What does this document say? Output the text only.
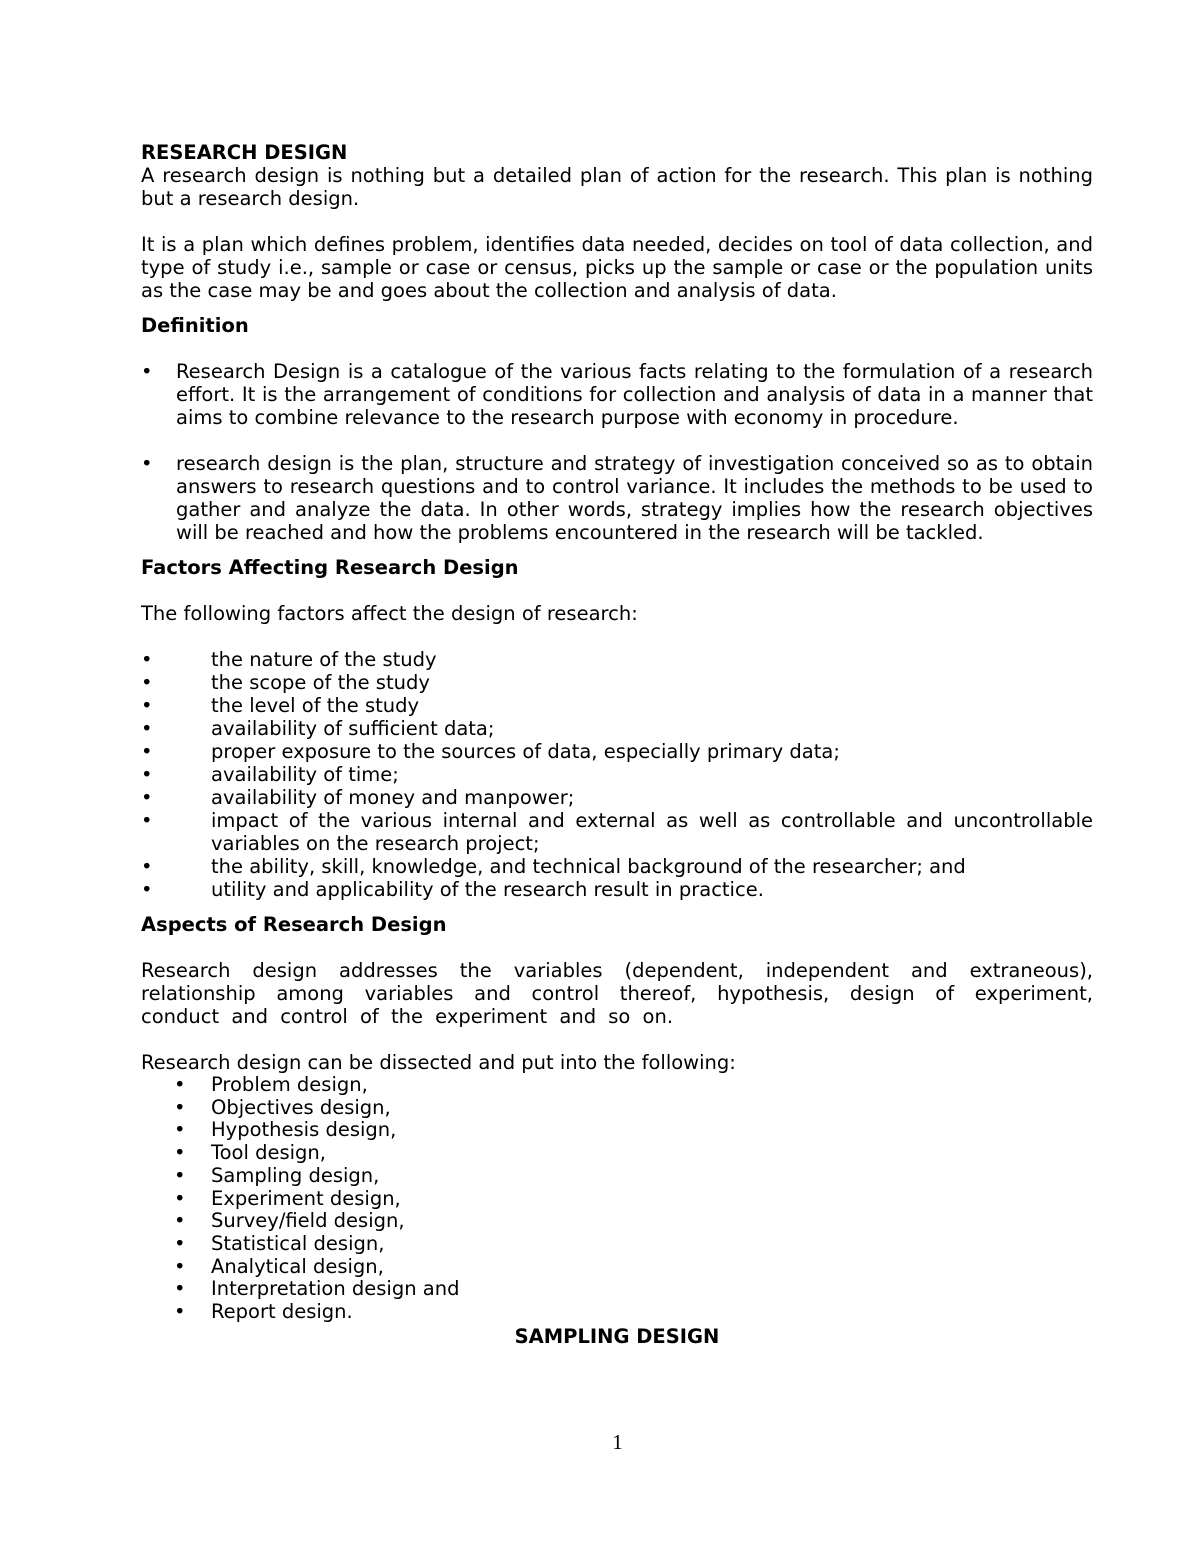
RESEARCH DESIGN

A research design is nothing but a detailed plan of action for the research. This plan is nothing but a research design.

It is a plan which defines problem, identifies data needed, decides on tool of data collection, and type of study i.e., sample or case or census, picks up the sample or case or the population units as the case may be and goes about the collection and analysis of data.

Definition
• Research Design is a catalogue of the various facts relating to the formulation of a research effort. It is the arrangement of conditions for collection and analysis of data in a manner that aims to combine relevance to the research purpose with economy in procedure.
• research design is the plan, structure and strategy of investigation conceived so as to obtain answers to research questions and to control variance. It includes the methods to be used to gather and analyze the data. In other words, strategy implies how the research objectives will be reached and how the problems encountered in the research will be tackled.
Factors Affecting Research Design

The following factors affect the design of research:

•	the nature of the study
•	the scope of the study
•	the level of the study
•	availability of sufficient data;
•	proper exposure to the sources of data, especially primary data;
•	availability of time;
•	availability of money and manpower;
•	impact of the various internal and external as well as controllable and uncontrollable variables on the research project;
•	the ability, skill, knowledge, and technical background of the researcher; and
•	utility and applicability of the research result in practice.
Aspects of Research Design

Research design addresses the variables (dependent, independent and extraneous), relationship among variables and control thereof, hypothesis, design of experiment, conduct and control of the experiment and so on.

Research design can be dissected and put into the following:

• Problem design,
• Objectives design,
• Hypothesis design,
• Tool design,
• Sampling design,
• Experiment design,
• Survey/field design,
• Statistical design,
• Analytical design,
• Interpretation design and
• Report design.

SAMPLING DESIGN

1
